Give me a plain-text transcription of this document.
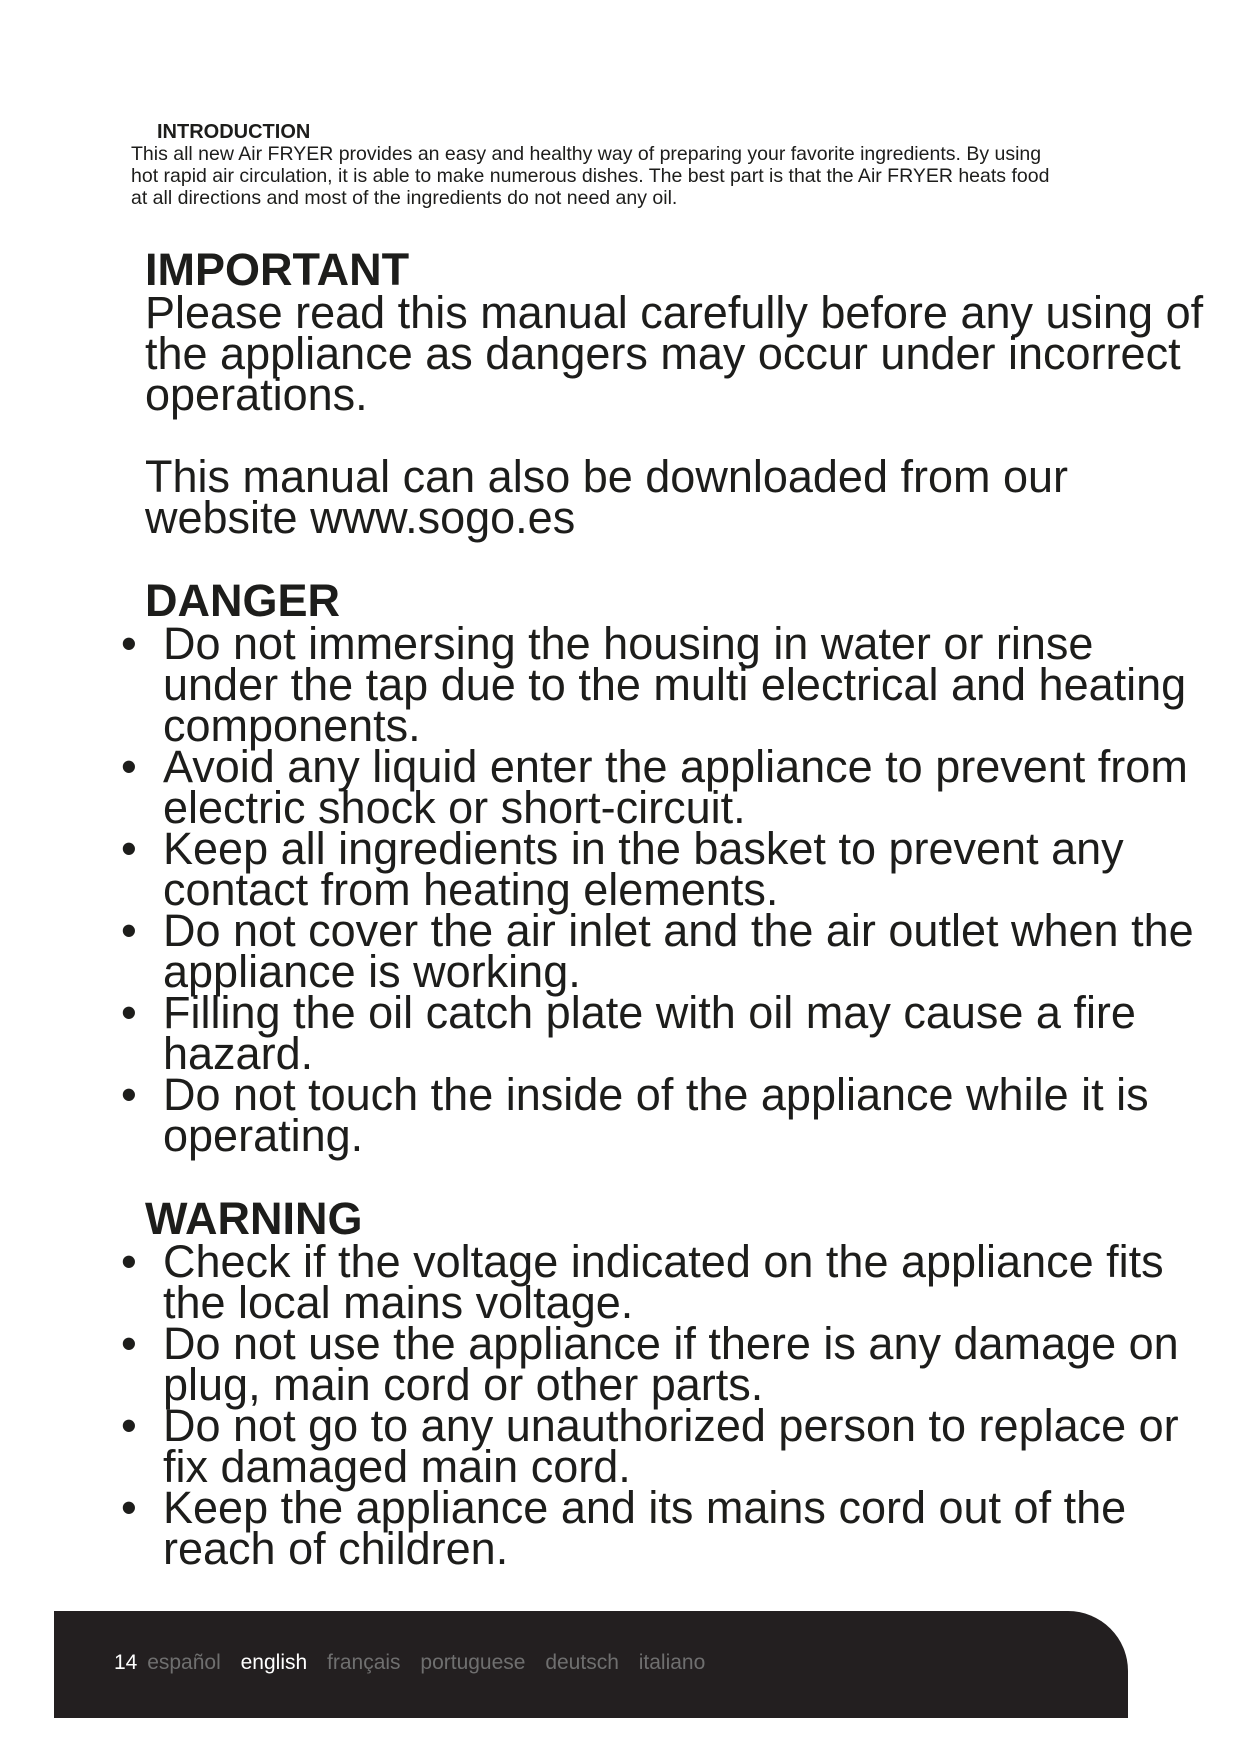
INTRODUCTION

This all new Air FRYER provides an easy and healthy way of preparing your favorite ingredients. By using hot rapid air circulation, it is able to make numerous dishes. The best part is that the Air FRYER heats food at all directions and most of the ingredients do not need any oil.

IMPORTANT

Please read this manual carefully before any using of the appliance as dangers may occur under incorrect operations.

This manual can also be downloaded from our website www.sogo.es

DANGER
• Do not immersing the housing in water or rinse under the tap due to the multi electrical and heating components.
• Avoid any liquid enter the appliance to prevent from electric shock or short-circuit.
• Keep all ingredients in the basket to prevent any contact from heating elements.
• Do not cover the air inlet and the air outlet when the appliance is working.
• Filling the oil catch plate with oil may cause a fire hazard.
• Do not touch the inside of the appliance while it is operating.
WARNING
• Check if the voltage indicated on the appliance fits the local mains voltage.
• Do not use the appliance if there is any damage on plug, main cord or other parts.
• Do not go to any unauthorized person to replace or fix damaged main cord.
• Keep the appliance and its mains cord out of the reach of children.
14 español english français portuguese deutsch italiano
